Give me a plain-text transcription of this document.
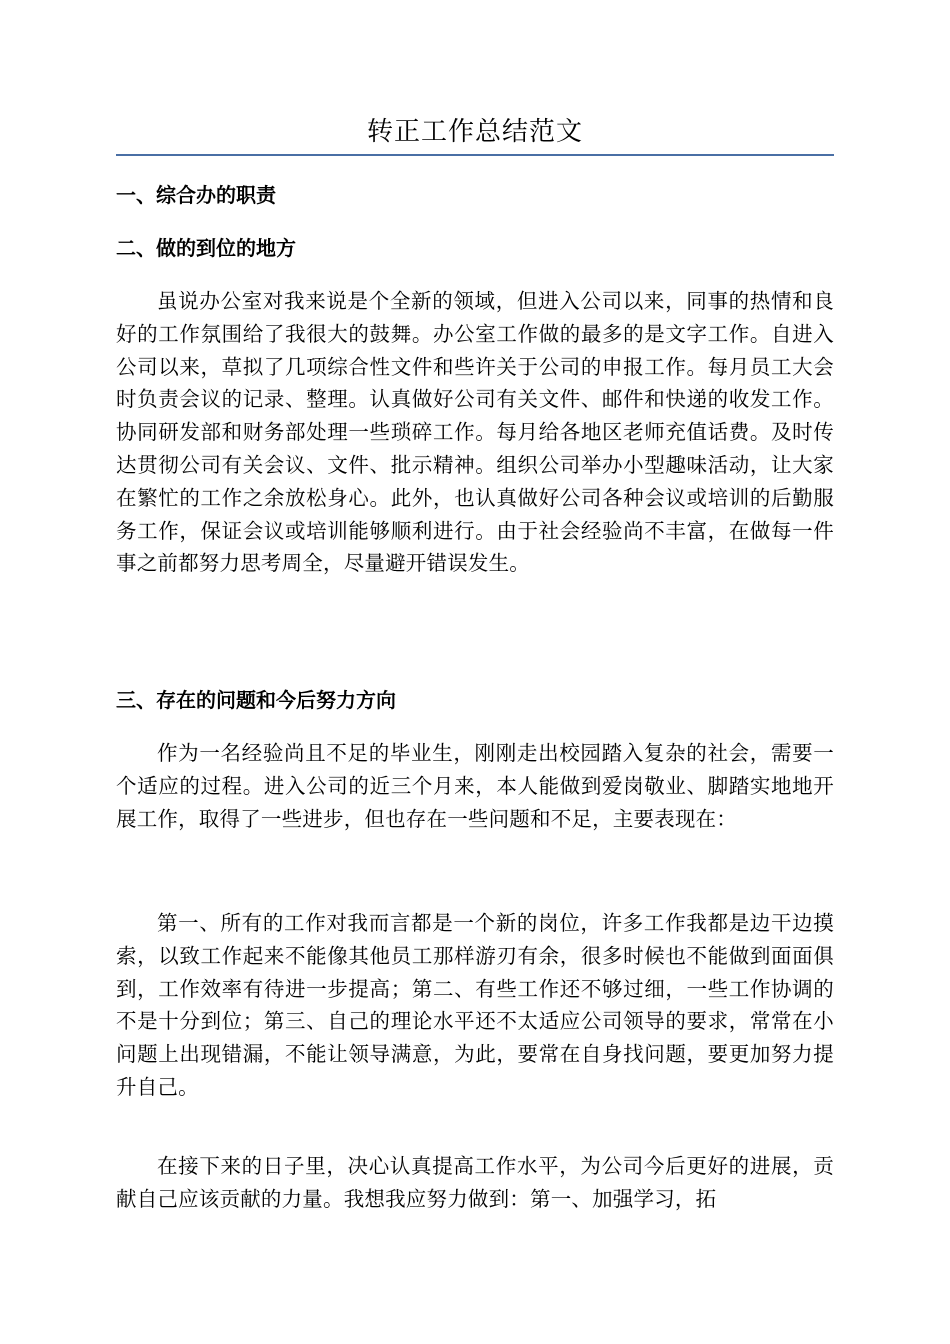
转正工作总结范文
一、综合办的职责
二、做的到位的地方

虽说办公室对我来说是个全新的领域，但进入公司以来，同事的热情和良好的工作氛围给了我很大的鼓舞。办公室工作做的最多的是文字工作。自进入公司以来，草拟了几项综合性文件和些许关于公司的申报工作。每月员工大会时负责会议的记录、整理。认真做好公司有关文件、邮件和快递的收发工作。协同研发部和财务部处理一些琐碎工作。每月给各地区老师充值话费。及时传达贯彻公司有关会议、文件、批示精神。组织公司举办小型趣味活动，让大家在繁忙的工作之余放松身心。此外，也认真做好公司各种会议或培训的后勤服务工作，保证会议或培训能够顺利进行。由于社会经验尚不丰富，在做每一件事之前都努力思考周全，尽量避开错误发生。

三、存在的问题和今后努力方向

作为一名经验尚且不足的毕业生，刚刚走出校园踏入复杂的社会，需要一个适应的过程。进入公司的近三个月来，本人能做到爱岗敬业、脚踏实地地开展工作，取得了一些进步，但也存在一些问题和不足，主要表现在：

第一、所有的工作对我而言都是一个新的岗位，许多工作我都是边干边摸索，以致工作起来不能像其他员工那样游刃有余，很多时候也不能做到面面俱到，工作效率有待进一步提高；第二、有些工作还不够过细，一些工作协调的不是十分到位；第三、自己的理论水平还不太适应公司领导的要求，常常在小问题上出现错漏，不能让领导满意，为此，要常在自身找问题，要更加努力提升自己。

在接下来的日子里，决心认真提高工作水平，为公司今后更好的进展，贡献自己应该贡献的力量。我想我应努力做到：第一、加强学习，拓
